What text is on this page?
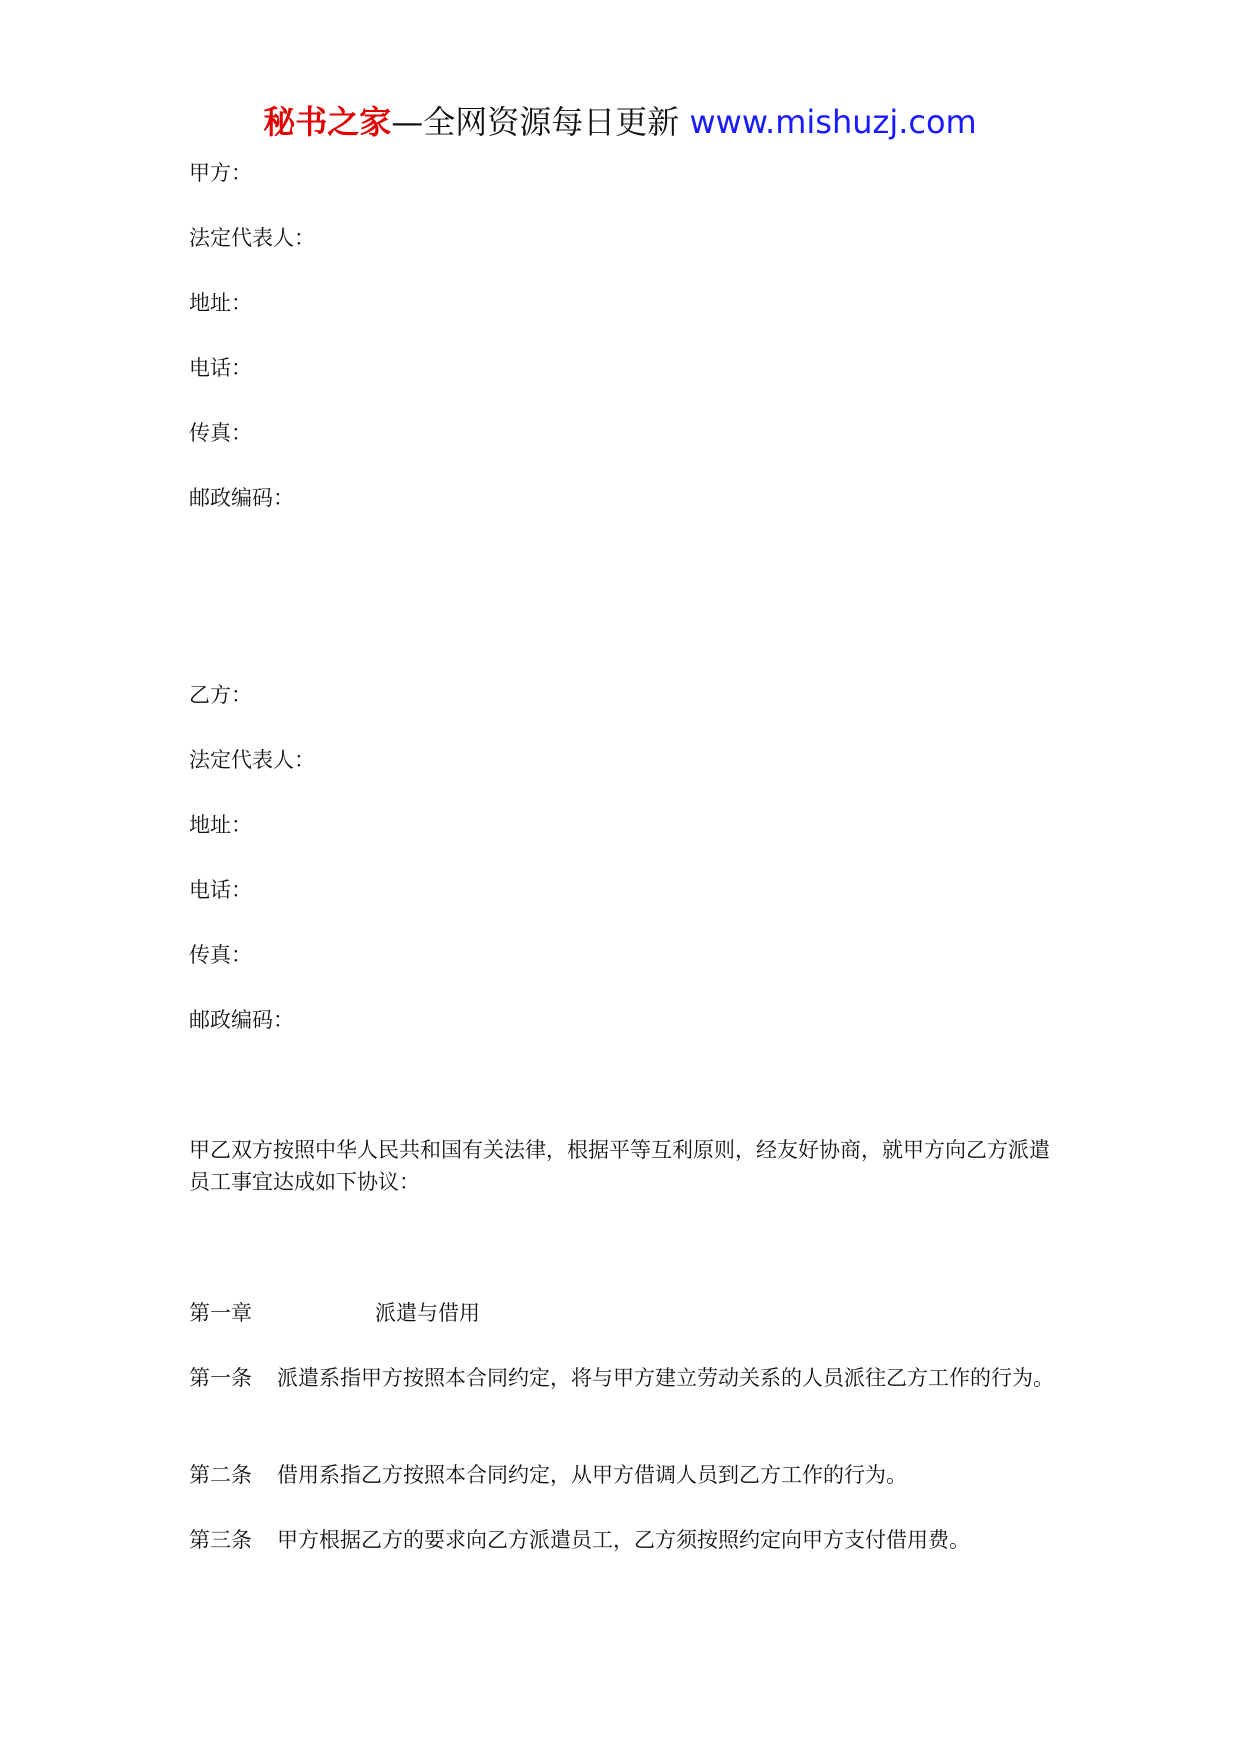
秘书之家—全网资源每日更新 www.mishuzj.com
甲方：
法定代表人：
地址：
电话：
传真：
邮政编码：
乙方：
法定代表人：
地址：
电话：
传真：
邮政编码：
甲乙双方按照中华人民共和国有关法律，根据平等互利原则，经友好协商，就甲方向乙方派遣员工事宜达成如下协议：
第一章	派遣与借用
第一条 派遣系指甲方按照本合同约定，将与甲方建立劳动关系的人员派往乙方工作的行为。
第二条 借用系指乙方按照本合同约定，从甲方借调人员到乙方工作的行为。
第三条 甲方根据乙方的要求向乙方派遣员工，乙方须按照约定向甲方支付借用费。
